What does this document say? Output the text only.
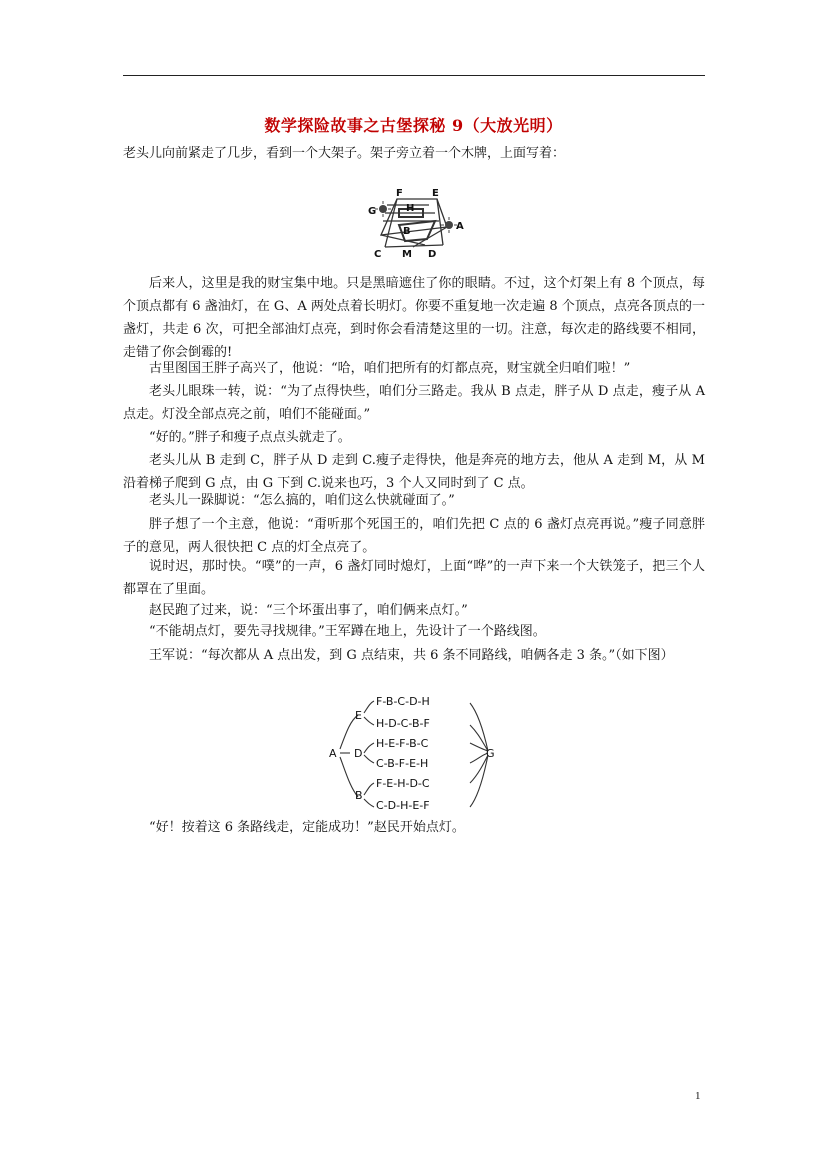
数学探险故事之古堡探秘 9（大放光明）
老头儿向前紧走了几步，看到一个大架子。架子旁立着一个木牌，上面写着：
F	E
G	H
B	A
C M D
后来人，这里是我的财宝集中地。只是黑暗遮住了你的眼睛。不过，这个灯架上有 8 个顶点，每个顶点都有 6 盏油灯，在 G、A 两处点着长明灯。你要不重复地一次走遍 8 个顶点，点亮各顶点的一盏灯，共走 6 次，可把全部油灯点亮，到时你会看清楚这里的一切。注意，每次走的路线要不相同，走错了你会倒霉的!
古里图国王胖子高兴了，他说：“哈，咱们把所有的灯都点亮，财宝就全归咱们啦！”
老头儿眼珠一转，说：“为了点得快些，咱们分三路走。我从 B 点走，胖子从 D 点走，瘦子从 A 点走。灯没全部点亮之前，咱们不能碰面。”
“好的。”胖子和瘦子点点头就走了。
老头儿从 B 走到 C，胖子从 D 走到 C.瘦子走得快，他是奔亮的地方去，他从 A 走到 M，从 M 沿着梯子爬到 G 点，由 G 下到 C.说来也巧，3 个人又同时到了 C 点。
老头儿一跺脚说：“怎么搞的，咱们这么快就碰面了。”
胖子想了一个主意，他说：“甭听那个死国王的，咱们先把 C 点的 6 盏灯点亮再说。”瘦子同意胖子的意见，两人很快把 C 点的灯全点亮了。
说时迟，那时快。“噗”的一声，6 盏灯同时熄灯，上面“哗”的一声下来一个大铁笼子，把三个人都罩在了里面。
赵民跑了过来，说：“三个坏蛋出事了，咱们俩来点灯。”
“不能胡点灯，要先寻找规律。”王军蹲在地上，先设计了一个路线图。
王军说：“每次都从 A 点出发，到 G 点结束，共 6 条不同路线，咱俩各走 3 条。”（如下图）
A
E
D
B
F-B-C-D-H
H-D-C-B-F
H-E-F-B-C
C-B-F-E-H
F-E-H-D-C
C-D-H-E-F
G
“好！按着这 6 条路线走，定能成功！”赵民开始点灯。
1
